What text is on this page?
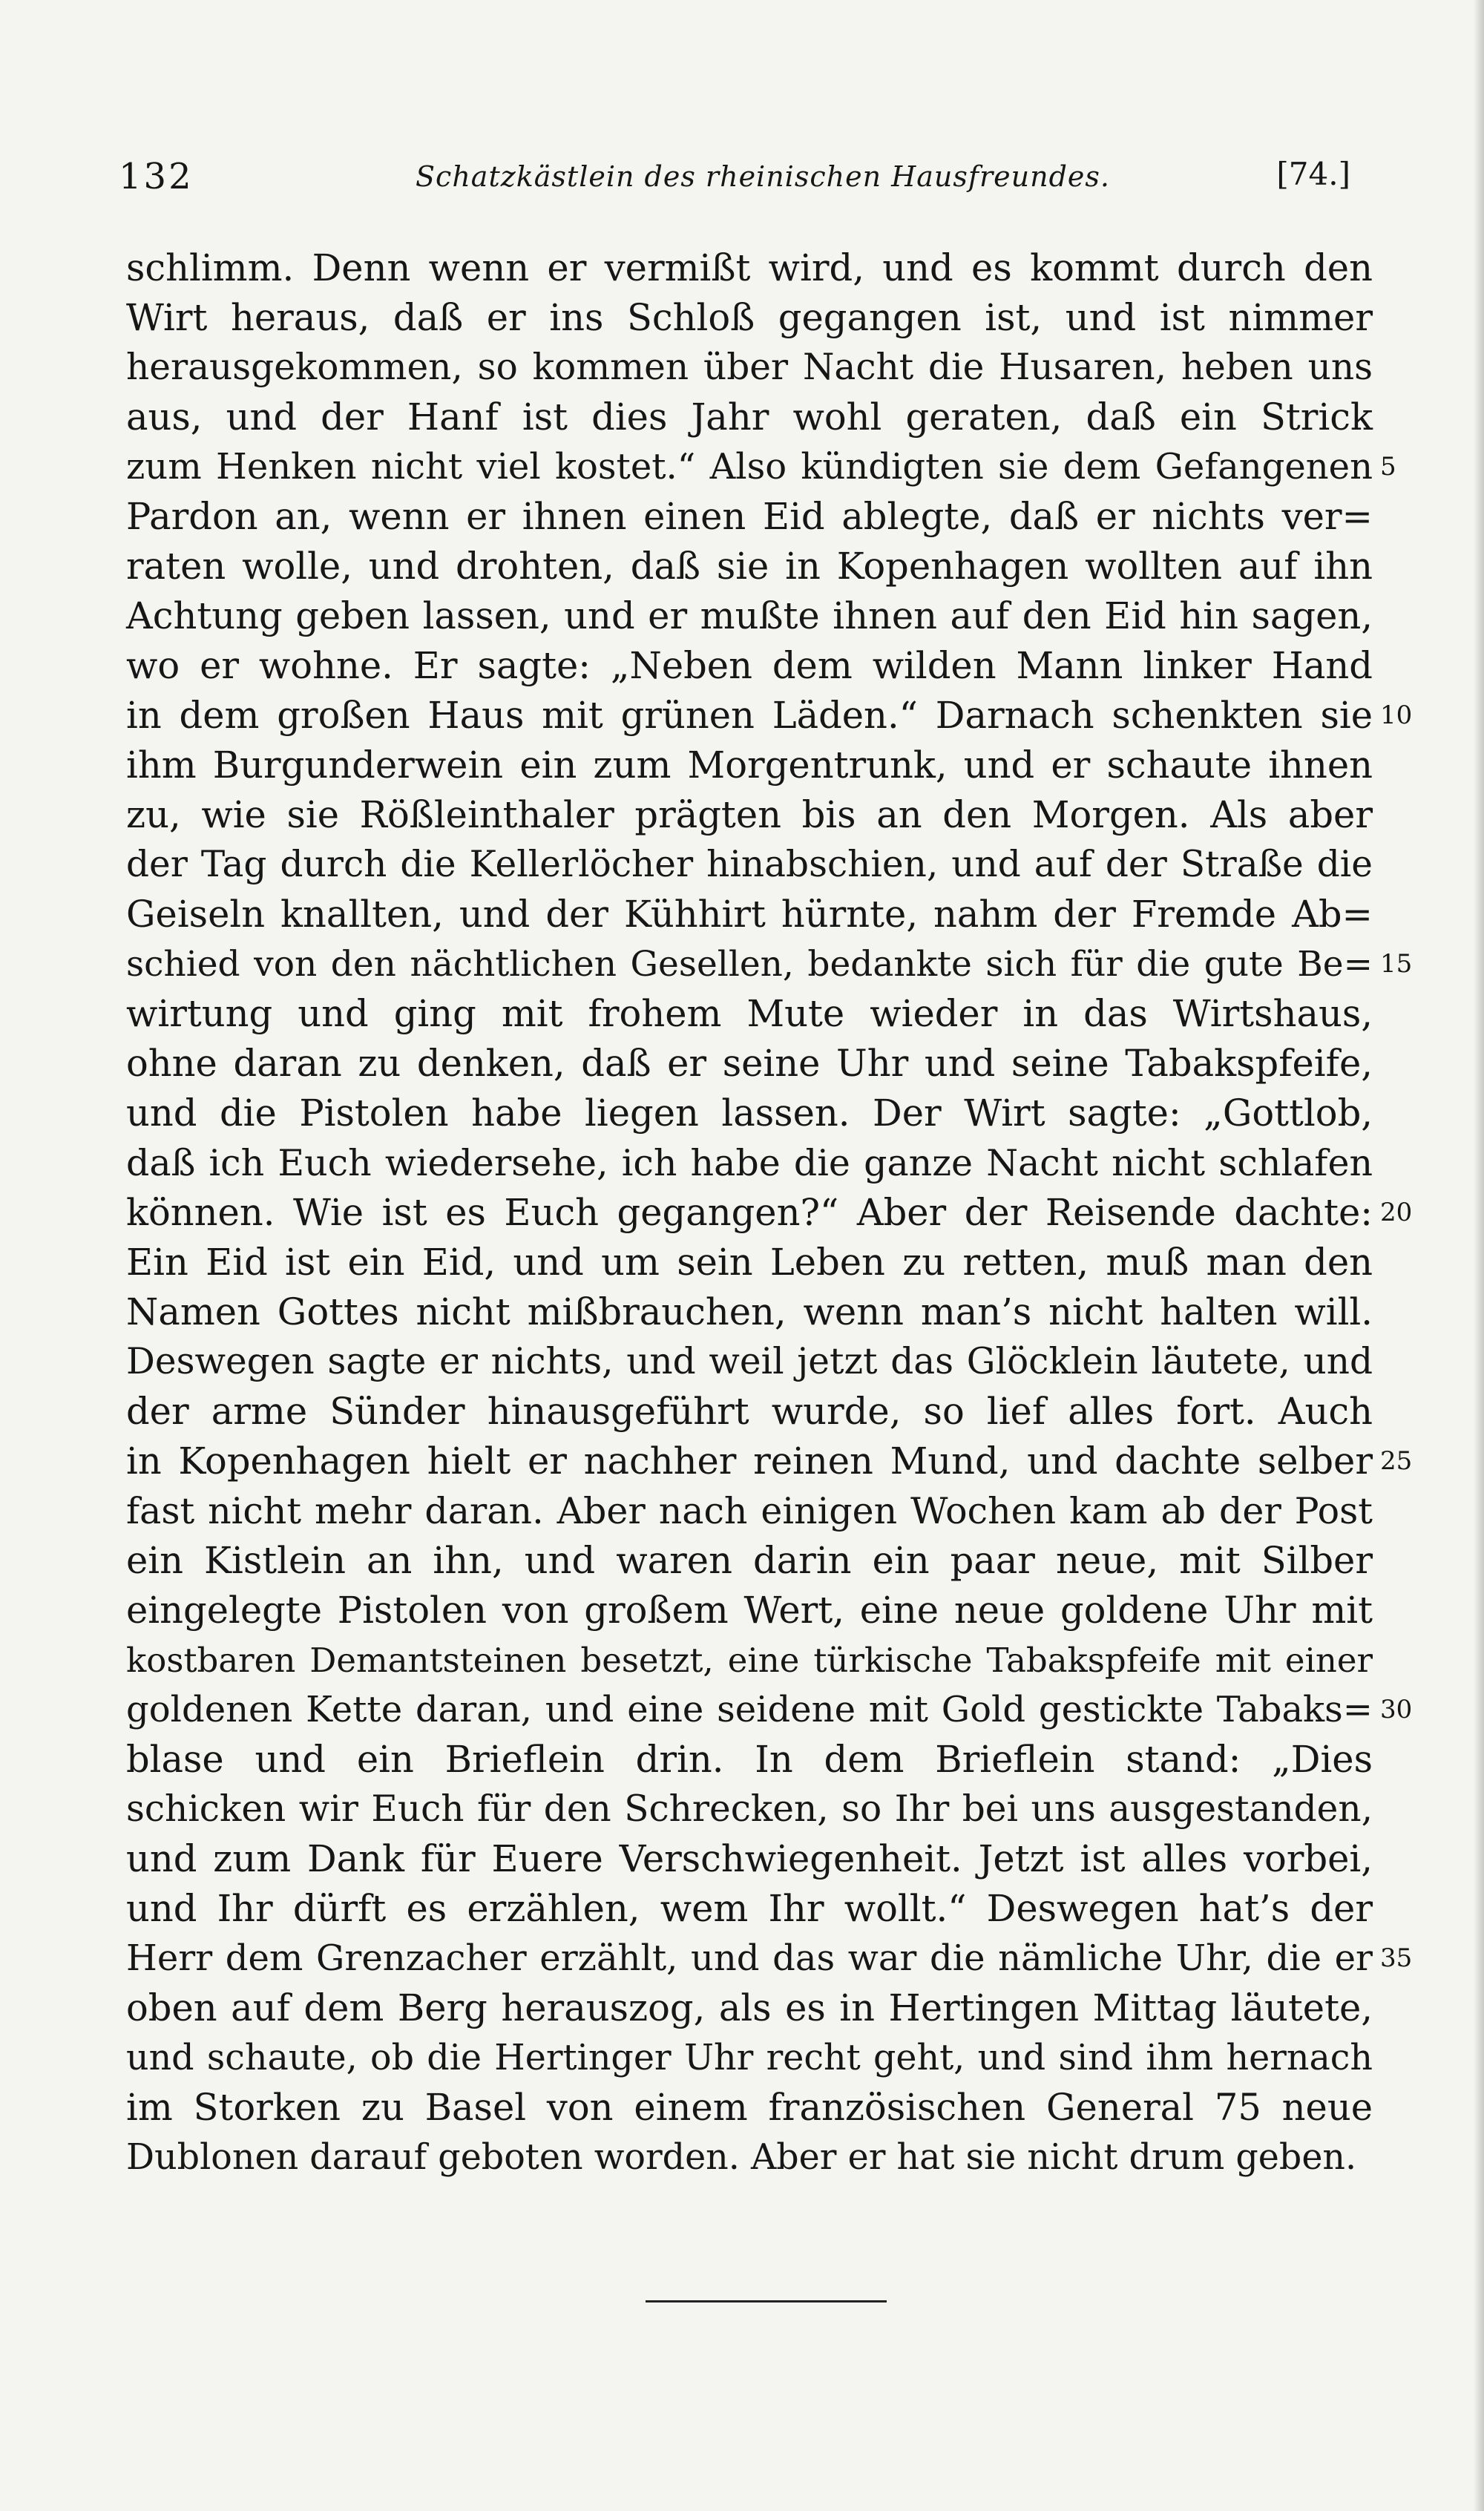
132	Schatzkästlein des rheinischen Hausfreundes.	[74.]
schlimm. Denn wenn er vermißt wird, und es kommt durch den
Wirt heraus, daß er ins Schloß gegangen ist, und ist nimmer
herausgekommen, so kommen über Nacht die Husaren, heben uns
aus, und der Hanf ist dies Jahr wohl geraten, daß ein Strick
zum Henken nicht viel kostet.“ Also kündigten sie dem Gefangenen 5
Pardon an, wenn er ihnen einen Eid ablegte, daß er nichts ver=
raten wolle, und drohten, daß sie in Kopenhagen wollten auf ihn
Achtung geben lassen, und er mußte ihnen auf den Eid hin sagen,
wo er wohne. Er sagte: „Neben dem wilden Mann linker Hand
in dem großen Haus mit grünen Läden.“ Darnach schenkten sie 10
ihm Burgunderwein ein zum Morgentrunk, und er schaute ihnen
zu, wie sie Rößleinthaler prägten bis an den Morgen. Als aber
der Tag durch die Kellerlöcher hinabschien, und auf der Straße die
Geiseln knallten, und der Kühhirt hürnte, nahm der Fremde Ab=
schied von den nächtlichen Gesellen, bedankte sich für die gute Be= 15
wirtung und ging mit frohem Mute wieder in das Wirtshaus,
ohne daran zu denken, daß er seine Uhr und seine Tabakspfeife,
und die Pistolen habe liegen lassen. Der Wirt sagte: „Gottlob,
daß ich Euch wiedersehe, ich habe die ganze Nacht nicht schlafen
können. Wie ist es Euch gegangen?“ Aber der Reisende dachte: 20
Ein Eid ist ein Eid, und um sein Leben zu retten, muß man den
Namen Gottes nicht mißbrauchen, wenn man’s nicht halten will.
Deswegen sagte er nichts, und weil jetzt das Glöcklein läutete, und
der arme Sünder hinausgeführt wurde, so lief alles fort. Auch
in Kopenhagen hielt er nachher reinen Mund, und dachte selber 25
fast nicht mehr daran. Aber nach einigen Wochen kam ab der Post
ein Kistlein an ihn, und waren darin ein paar neue, mit Silber
eingelegte Pistolen von großem Wert, eine neue goldene Uhr mit
kostbaren Demantsteinen besetzt, eine türkische Tabakspfeife mit einer
goldenen Kette daran, und eine seidene mit Gold gestickte Tabaks= 30
blase und ein Brieflein drin. In dem Brieflein stand: „Dies
schicken wir Euch für den Schrecken, so Ihr bei uns ausgestanden,
und zum Dank für Euere Verschwiegenheit. Jetzt ist alles vorbei,
und Ihr dürft es erzählen, wem Ihr wollt.“ Deswegen hat’s der
Herr dem Grenzacher erzählt, und das war die nämliche Uhr, die er 35
oben auf dem Berg herauszog, als es in Hertingen Mittag läutete,
und schaute, ob die Hertinger Uhr recht geht, und sind ihm hernach
im Storken zu Basel von einem französischen General 75 neue
Dublonen darauf geboten worden. Aber er hat sie nicht drum geben.
